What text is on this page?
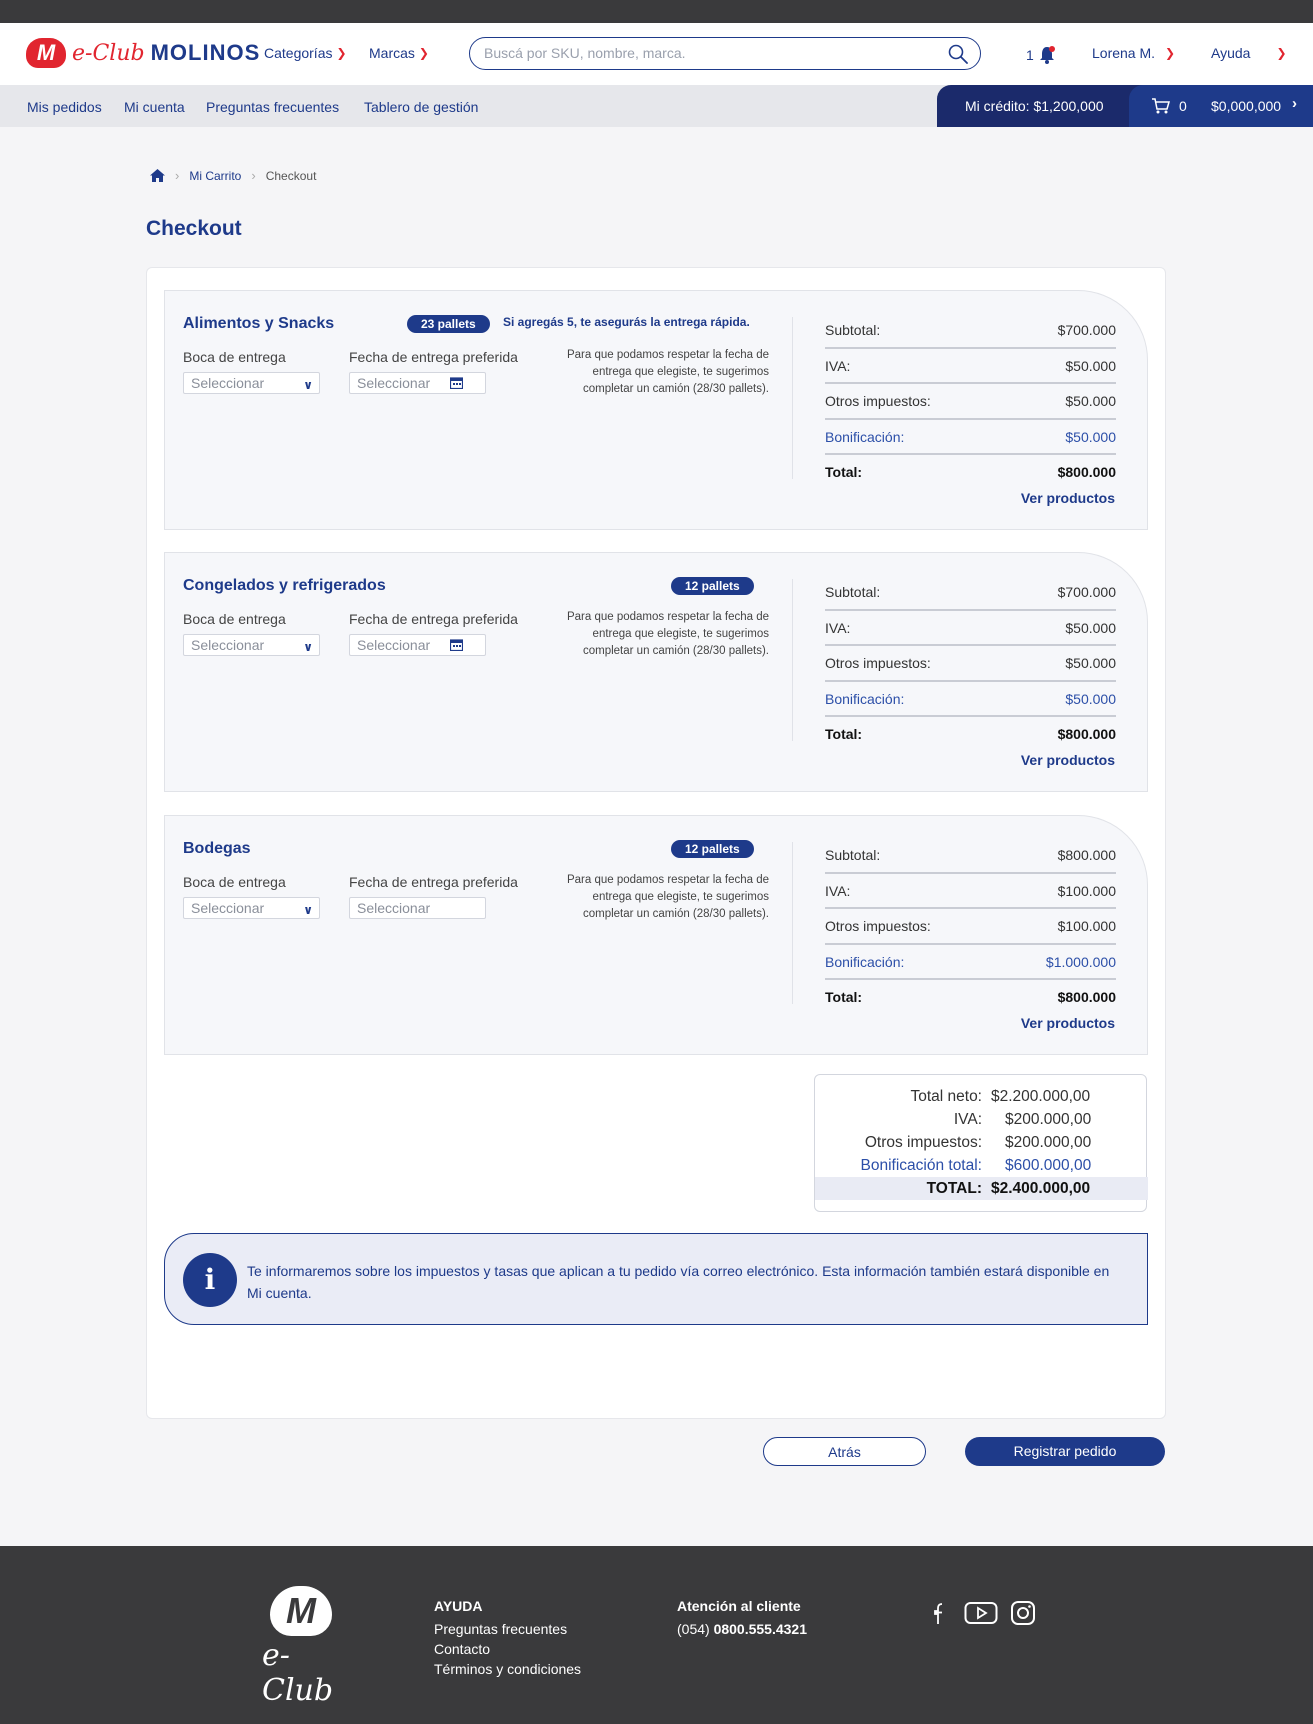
M e-Club MOLINOS Categorías ❯ Marcas ❯
Buscá por SKU, nombre, marca.	1	Lorena M. ❯	Ayuda ❯
Mis pedidos Mi cuenta Preguntas frecuentes Tablero de gestión	Mi crédito: $1,200,000	0 $0,000,000 ›
› Mi Carrito › Checkout
Checkout
Alimentos y Snacks	23 pallets	Si agregás 5, te asegurás la entrega rápida.
Boca de entrega	Fecha de entrega preferida
Seleccionar	∨	Seleccionar
Para que podamos respetar la fecha de entrega que elegiste, te sugerimos completar un camión (28/30 pallets).
Subtotal:	$700.000
IVA:	$50.000
Otros impuestos:	$50.000
Bonificación:	$50.000
Total:	$800.000
Ver productos
Congelados y refrigerados	12 pallets
Boca de entrega	Fecha de entrega preferida
Seleccionar	∨	Seleccionar
Para que podamos respetar la fecha de entrega que elegiste, te sugerimos completar un camión (28/30 pallets).
Subtotal:	$700.000
IVA:	$50.000
Otros impuestos:	$50.000
Bonificación:	$50.000
Total:	$800.000
Ver productos
Bodegas	12 pallets
Boca de entrega	Fecha de entrega preferida
Seleccionar	∨	Seleccionar
Para que podamos respetar la fecha de entrega que elegiste, te sugerimos completar un camión (28/30 pallets).
Subtotal:	$800.000
IVA:	$100.000
Otros impuestos:	$100.000
Bonificación:	$1.000.000
Total:	$800.000
Ver productos
Total neto: $2.200.000,00
IVA: $200.000,00
Otros impuestos: $200.000,00
Bonificación total: $600.000,00
TOTAL: $2.400.000,00
i	Te informaremos sobre los impuestos y tasas que aplican a tu pedido vía correo electrónico. Esta información también estará disponible en Mi cuenta.
Atrás	Registrar pedido
M
e-Club
AYUDA
Preguntas frecuentes
Contacto
Términos y condiciones
Atención al cliente
(054) 0800.555.4321
